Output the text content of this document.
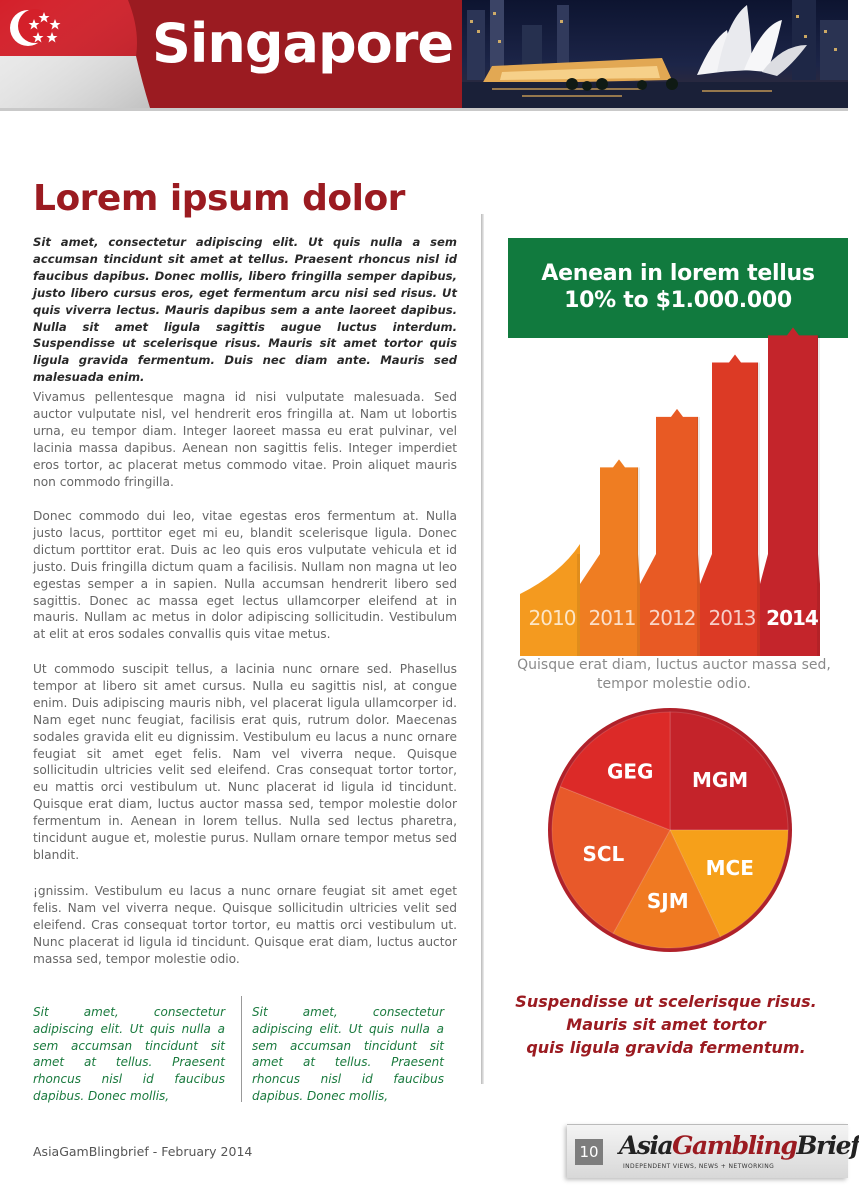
Singapore
Lorem ipsum dolor

Sit amet, consectetur adipiscing elit. Ut quis nulla a sem accumsan tincidunt sit amet at tellus. Praesent rhoncus nisl id faucibus dapibus. Donec mollis, libero fringilla semper dapibus, justo libero cursus eros, eget fermentum arcu nisi sed risus. Ut quis viverra lectus. Mauris dapibus sem a ante laoreet dapibus. Nulla sit amet ligula sagittis augue luctus interdum. Suspendisse ut scelerisque risus. Mauris sit amet tortor quis ligula gravida fermentum. Duis nec diam ante. Mauris sed malesuada enim.

Vivamus pellentesque magna id nisi vulputate malesuada. Sed auctor vulputate nisl, vel hendrerit eros fringilla at. Nam ut lobortis urna, eu tempor diam. Integer laoreet massa eu erat pulvinar, vel lacinia massa dapibus. Aenean non sagittis felis. Integer imperdiet eros tortor, ac placerat metus commodo vitae. Proin aliquet mauris non commodo fringilla.

Donec commodo dui leo, vitae egestas eros fermentum at. Nulla justo lacus, porttitor eget mi eu, blandit scelerisque ligula. Donec dictum porttitor erat. Duis ac leo quis eros vulputate vehicula et id justo. Duis fringilla dictum quam a facilisis. Nullam non magna ut leo egestas semper a in sapien. Nulla accumsan hendrerit libero sed sagittis. Donec ac massa eget lectus ullamcorper eleifend at in mauris. Nullam ac metus in dolor adipiscing sollicitudin. Vestibulum at elit at eros sodales convallis quis vitae metus.

Ut commodo suscipit tellus, a lacinia nunc ornare sed. Phasellus tempor at libero sit amet cursus. Nulla eu sagittis nisl, at congue enim. Duis adipiscing mauris nibh, vel placerat ligula ullamcorper id. Nam eget nunc feugiat, facilisis erat quis, rutrum dolor. Maecenas sodales gravida elit eu dignissim. Vestibulum eu lacus a nunc ornare feugiat sit amet eget felis. Nam vel viverra neque. Quisque sollicitudin ultricies velit sed eleifend. Cras consequat tortor tortor, eu mattis orci vestibulum ut. Nunc placerat id ligula id tincidunt. Quisque erat diam, luctus auctor massa sed, tempor molestie dolor fermentum in. Aenean in lorem tellus. Nulla sed lectus pharetra, tincidunt augue et, molestie purus. Nullam ornare tempor metus sed blandit.

¡gnissim. Vestibulum eu lacus a nunc ornare feugiat sit amet eget felis. Nam vel viverra neque. Quisque sollicitudin ultricies velit sed eleifend. Cras consequat tortor tortor, eu mattis orci vestibulum ut. Nunc placerat id ligula id tincidunt. Quisque erat diam, luctus auctor massa sed, tempor molestie odio.

Sit amet, consectetur adipiscing elit. Ut quis nulla a sem accumsan tincidunt sit amet at tellus. Praesent rhoncus nisl id faucibus dapibus. Donec mollis,

Sit amet, consectetur adipiscing elit. Ut quis nulla a sem accumsan tincidunt sit amet at tellus. Praesent rhoncus nisl id faucibus dapibus. Donec mollis,

Aenean in lorem tellus
10% to $1.000.000
2010 2011 2012 2013 2014
Quisque erat diam, luctus auctor massa sed, tempor molestie odio.
MGM
MCE
SJM
SCL
GEG
Suspendisse ut scelerisque risus.
Mauris sit amet tortor
quis ligula gravida fermentum.
AsiaGamBlingbrief - February 2014	10 AsiaGamblingBrief
INDEPENDENT VIEWS, NEWS + NETWORKING
